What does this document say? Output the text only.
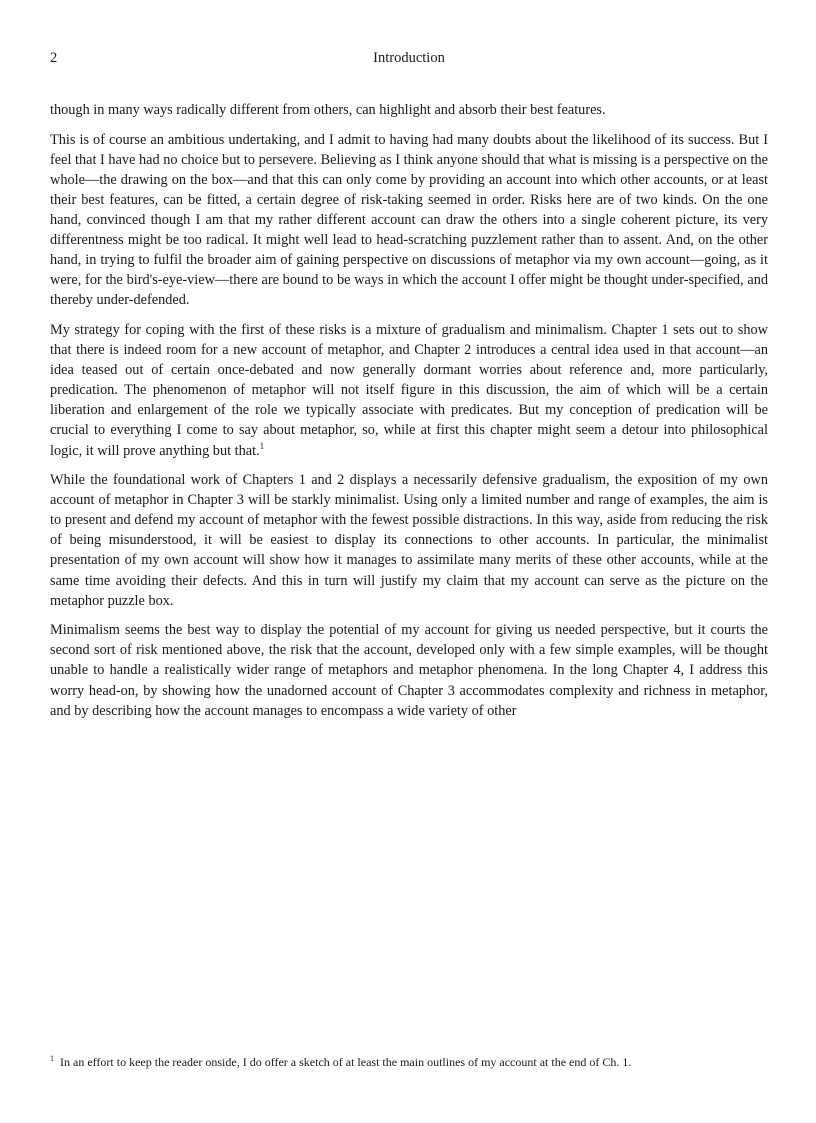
2	Introduction

though in many ways radically different from others, can highlight and absorb their best features.

This is of course an ambitious undertaking, and I admit to having had many doubts about the likelihood of its success. But I feel that I have had no choice but to persevere. Believing as I think anyone should that what is missing is a perspective on the whole—the drawing on the box—and that this can only come by providing an account into which other accounts, or at least their best features, can be fitted, a certain degree of risk-taking seemed in order. Risks here are of two kinds. On the one hand, convinced though I am that my rather different account can draw the others into a single coherent picture, its very differentness might be too radical. It might well lead to head-scratching puzzlement rather than to assent. And, on the other hand, in trying to fulfil the broader aim of gaining perspective on discussions of metaphor via my own account—going, as it were, for the bird's-eye-view—there are bound to be ways in which the account I offer might be thought under-specified, and thereby under-defended.

My strategy for coping with the first of these risks is a mixture of gradualism and minimalism. Chapter 1 sets out to show that there is indeed room for a new account of metaphor, and Chapter 2 introduces a central idea used in that account—an idea teased out of certain once-debated and now generally dormant worries about reference and, more particularly, predication. The phenomenon of metaphor will not itself figure in this discussion, the aim of which will be a certain liberation and enlargement of the role we typically associate with predicates. But my conception of predication will be crucial to everything I come to say about metaphor, so, while at first this chapter might seem a detour into philosophical logic, it will prove anything but that.$^1$

While the foundational work of Chapters 1 and 2 displays a necessarily defensive gradualism, the exposition of my own account of metaphor in Chapter 3 will be starkly minimalist. Using only a limited number and range of examples, the aim is to present and defend my account of metaphor with the fewest possible distractions. In this way, aside from reducing the risk of being misunderstood, it will be easiest to display its connections to other accounts. In particular, the minimalist presentation of my own account will show how it manages to assimilate many merits of these other accounts, while at the same time avoiding their defects. And this in turn will justify my claim that my account can serve as the picture on the metaphor puzzle box.

Minimalism seems the best way to display the potential of my account for giving us needed perspective, but it courts the second sort of risk mentioned above, the risk that the account, developed only with a few simple examples, will be thought unable to handle a realistically wider range of metaphors and metaphor phenomena. In the long Chapter 4, I address this worry head-on, by showing how the unadorned account of Chapter 3 accommodates complexity and richness in metaphor, and by describing how the account manages to encompass a wide variety of other

$^1$ In an effort to keep the reader onside, I do offer a sketch of at least the main outlines of my account at the end of Ch. 1.
